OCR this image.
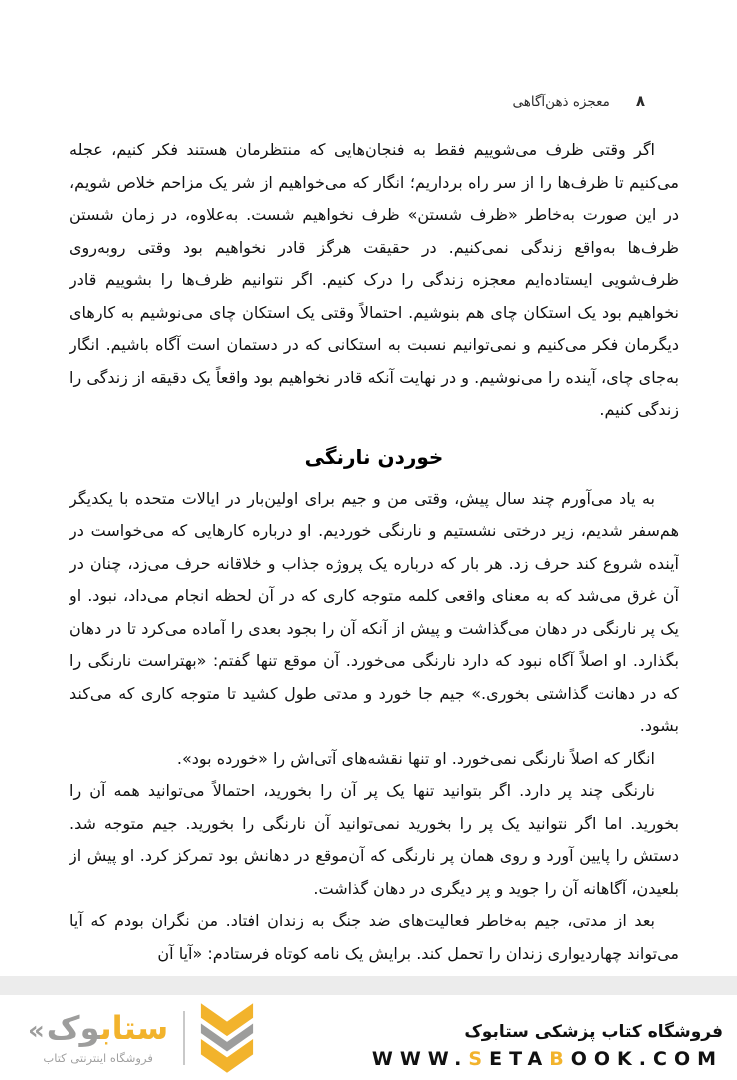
۸
معجزه ذهن‌آگاهی

اگر وقتی ظرف می‌شوییم فقط به فنجان‌هایی که منتظرمان هستند فکر کنیم، عجله می‌کنیم تا ظرف‌ها را از سر راه برداریم؛ انگار که می‌خواهیم از شر یک مزاحم خلاص شویم، در این صورت به‌خاطر «ظرف شستن» ظرف نخواهیم شست. به‌علاوه، در زمان شستن ظرف‌ها به‌واقع زندگی نمی‌کنیم. در حقیقت هرگز قادر نخواهیم بود وقتی روبه‌روی ظرف‌شویی ایستاده‌ایم معجزه زندگی را درک کنیم. اگر نتوانیم ظرف‌ها را بشوییم قادر نخواهیم بود یک استکان چای هم بنوشیم. احتمالاً وقتی یک استکان چای می‌نوشیم به کارهای دیگرمان فکر می‌کنیم و نمی‌توانیم نسبت به استکانی که در دستمان است آگاه باشیم. انگار به‌جای چای، آینده را می‌نوشیم. و در نهایت آنکه قادر نخواهیم بود واقعاً یک دقیقه از زندگی را زندگی کنیم.

خوردن نارنگی

به یاد می‌آورم چند سال پیش، وقتی من و جیم برای اولین‌بار در ایالات متحده با یکدیگر هم‌سفر شدیم، زیر درختی نشستیم و نارنگی خوردیم. او درباره کارهایی که می‌خواست در آینده شروع کند حرف زد. هر بار که درباره یک پروژه جذاب و خلاقانه حرف می‌زد، چنان در آن غرق می‌شد که به معنای واقعی کلمه متوجه کاری که در آن لحظه انجام می‌داد، نبود. او یک پر نارنگی در دهان می‌گذاشت و پیش از آنکه آن را بجود بعدی را آماده می‌کرد تا در دهان بگذارد. او اصلاً آگاه نبود که دارد نارنگی می‌خورد. آن موقع تنها گفتم: «بهتراست نارنگی را که در دهانت گذاشتی بخوری.» جیم جا خورد و مدتی طول کشید تا متوجه کاری که می‌کند بشود.

انگار که اصلاً نارنگی نمی‌خورد. او تنها نقشه‌های آتی‌اش را «خورده بود».

نارنگی چند پر دارد. اگر بتوانید تنها یک پر آن را بخورید، احتمالاً می‌توانید همه آن را بخورید. اما اگر نتوانید یک پر را بخورید نمی‌توانید آن نارنگی را بخورید. جیم متوجه شد. دستش را پایین آورد و روی همان پر نارنگی که آن‌موقع در دهانش بود تمرکز کرد. او پیش از بلعیدن، آگاهانه آن را جوید و پر دیگری در دهان گذاشت.

بعد از مدتی، جیم به‌خاطر فعالیت‌های ضد جنگ به زندان افتاد. من نگران بودم که آیا می‌تواند چهاردیواری زندان را تحمل کند. برایش یک نامه کوتاه فرستادم: «آیا آن

ستاب‍
‍وک
«
فروشگاه اینترنتی کتاب
فروشگاه کتاب پزشکی ستابوک
WWW.SETABOOK.COM
